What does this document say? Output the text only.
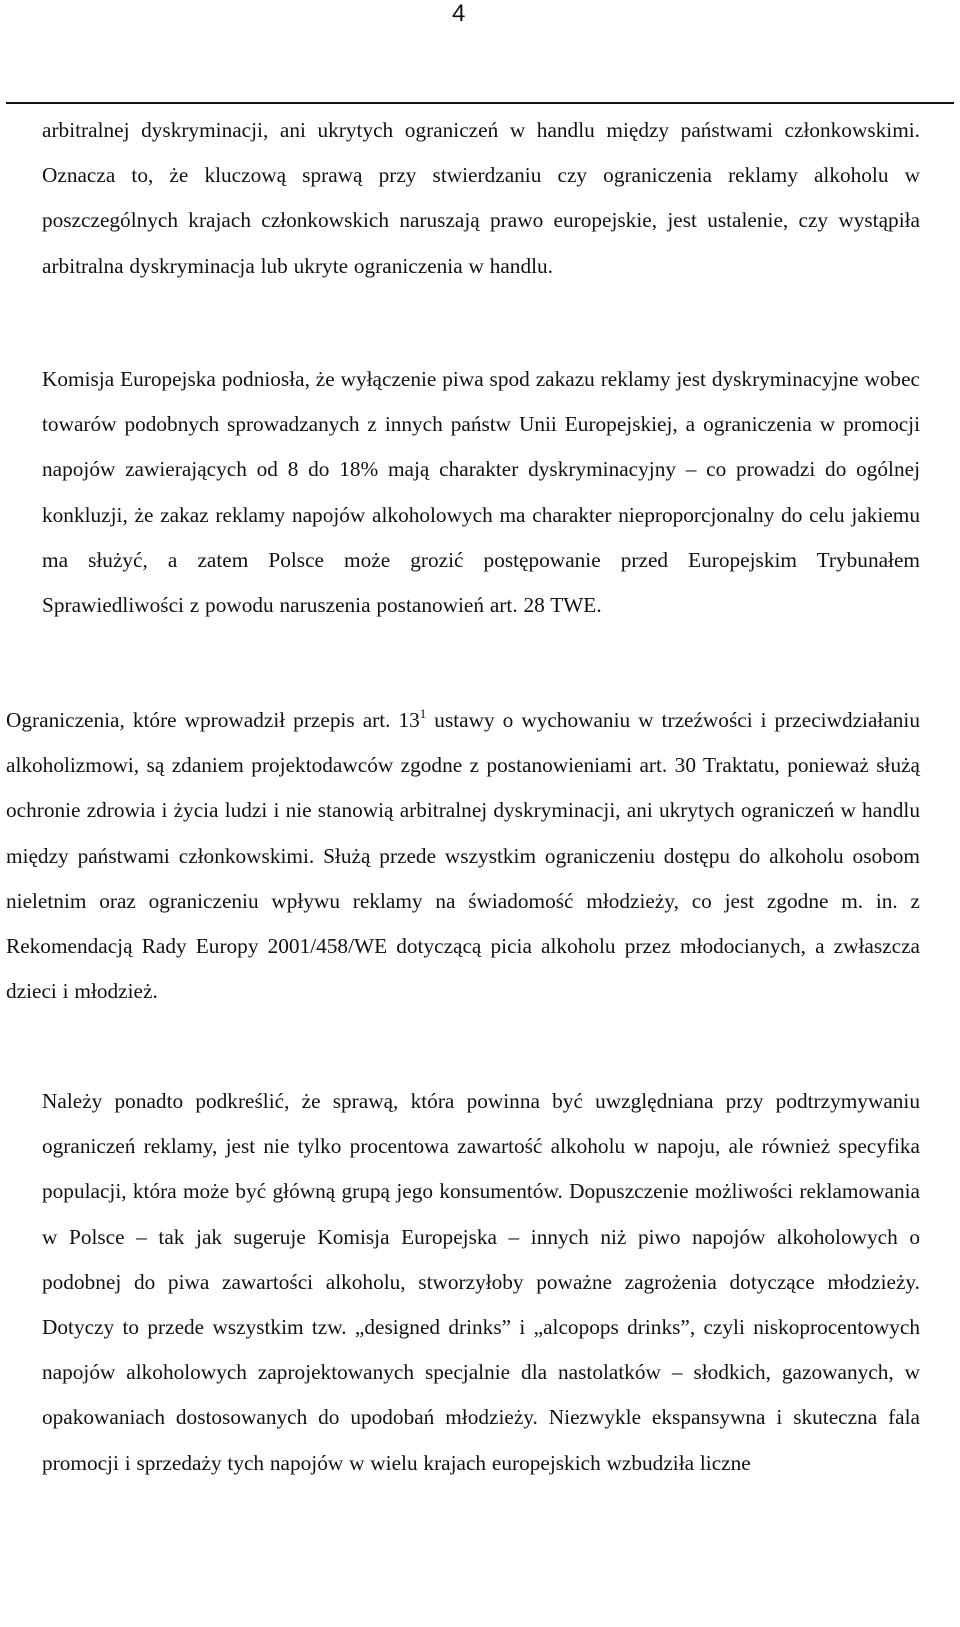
4

arbitralnej dyskryminacji, ani ukrytych ograniczeń w handlu między państwami członkowskimi. Oznacza to, że kluczową sprawą przy stwierdzaniu czy ograniczenia reklamy alkoholu w poszczególnych krajach członkowskich naruszają prawo europejskie, jest ustalenie, czy wystąpiła arbitralna dyskryminacja lub ukryte ograniczenia w handlu.

Komisja Europejska podniosła, że wyłączenie piwa spod zakazu reklamy jest dyskryminacyjne wobec towarów podobnych sprowadzanych z innych państw Unii Europejskiej, a ograniczenia w promocji napojów zawierających od 8 do 18% mają charakter dyskryminacyjny – co prowadzi do ogólnej konkluzji, że zakaz reklamy napojów alkoholowych ma charakter nieproporcjonalny do celu jakiemu ma służyć, a zatem Polsce może grozić postępowanie przed Europejskim Trybunałem Sprawiedliwości z powodu naruszenia postanowień art. 28 TWE.

Ograniczenia, które wprowadził przepis art. $13^1$ ustawy o wychowaniu w trzeźwości i przeciwdziałaniu alkoholizmowi, są zdaniem projektodawców zgodne z postanowieniami art. 30 Traktatu, ponieważ służą ochronie zdrowia i życia ludzi i nie stanowią arbitralnej dyskryminacji, ani ukrytych ograniczeń w handlu między państwami członkowskimi. Służą przede wszystkim ograniczeniu dostępu do alkoholu osobom nieletnim oraz ograniczeniu wpływu reklamy na świadomość młodzieży, co jest zgodne m. in. z Rekomendacją Rady Europy 2001/458/WE dotyczącą picia alkoholu przez młodocianych, a zwłaszcza dzieci i młodzież.

Należy ponadto podkreślić, że sprawą, która powinna być uwzględniana przy podtrzymywaniu ograniczeń reklamy, jest nie tylko procentowa zawartość alkoholu w napoju, ale również specyfika populacji, która może być główną grupą jego konsumentów. Dopuszczenie możliwości reklamowania w Polsce – tak jak sugeruje Komisja Europejska – innych niż piwo napojów alkoholowych o podobnej do piwa zawartości alkoholu, stworzyłoby poważne zagrożenia dotyczące młodzieży. Dotyczy to przede wszystkim tzw. „designed drinks” i „alcopops drinks”, czyli niskoprocentowych napojów alkoholowych zaprojektowanych specjalnie dla nastolatków – słodkich, gazowanych, w opakowaniach dostosowanych do upodobań młodzieży. Niezwykle ekspansywna i skuteczna fala promocji i sprzedaży tych napojów w wielu krajach europejskich wzbudziła liczne
